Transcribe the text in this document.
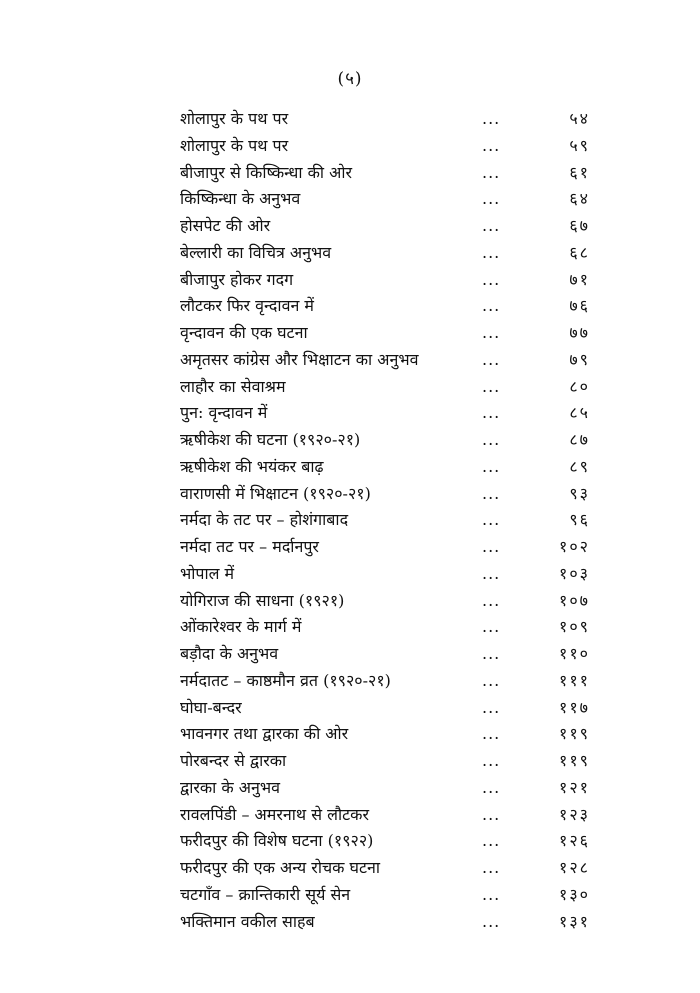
(५)
शोलापुर के पथ पर	...	५४
शोलापुर के पथ पर	...	५९
बीजापुर से किष्किन्धा की ओर	...	६१
किष्किन्धा के अनुभव	...	६४
होसपेट की ओर	...	६७
बेल्लारी का विचित्र अनुभव	...	६८
बीजापुर होकर गदग	...	७१
लौटकर फिर वृन्दावन में	...	७६
वृन्दावन की एक घटना	...	७७
अमृतसर कांग्रेस और भिक्षाटन का अनुभव	...	७९
लाहौर का सेवाश्रम	...	८०
पुन: वृन्दावन में	...	८५
ऋषीकेश की घटना (१९२०-२१)	...	८७
ऋषीकेश की भयंकर बाढ़	...	८९
वाराणसी में भिक्षाटन (१९२०-२१)	...	९३
नर्मदा के तट पर – होशंगाबाद	...	९६
नर्मदा तट पर – मर्दानपुर	...	१०२
भोपाल में	...	१०३
योगिराज की साधना (१९२१)	...	१०७
ओंकारेश्वर के मार्ग में	...	१०९
बड़ौदा के अनुभव	...	११०
नर्मदातट – काष्ठमौन व्रत (१९२०-२१)	...	१११
घोघा-बन्दर	...	११७
भावनगर तथा द्वारका की ओर	...	११९
पोरबन्दर से द्वारका	...	११९
द्वारका के अनुभव	...	१२१
रावलपिंडी – अमरनाथ से लौटकर	...	१२३
फरीदपुर की विशेष घटना (१९२२)	...	१२६
फरीदपुर की एक अन्य रोचक घटना	...	१२८
चटगाँव – क्रान्तिकारी सूर्य सेन	...	१३०
भक्तिमान वकील साहब	...	१३१
